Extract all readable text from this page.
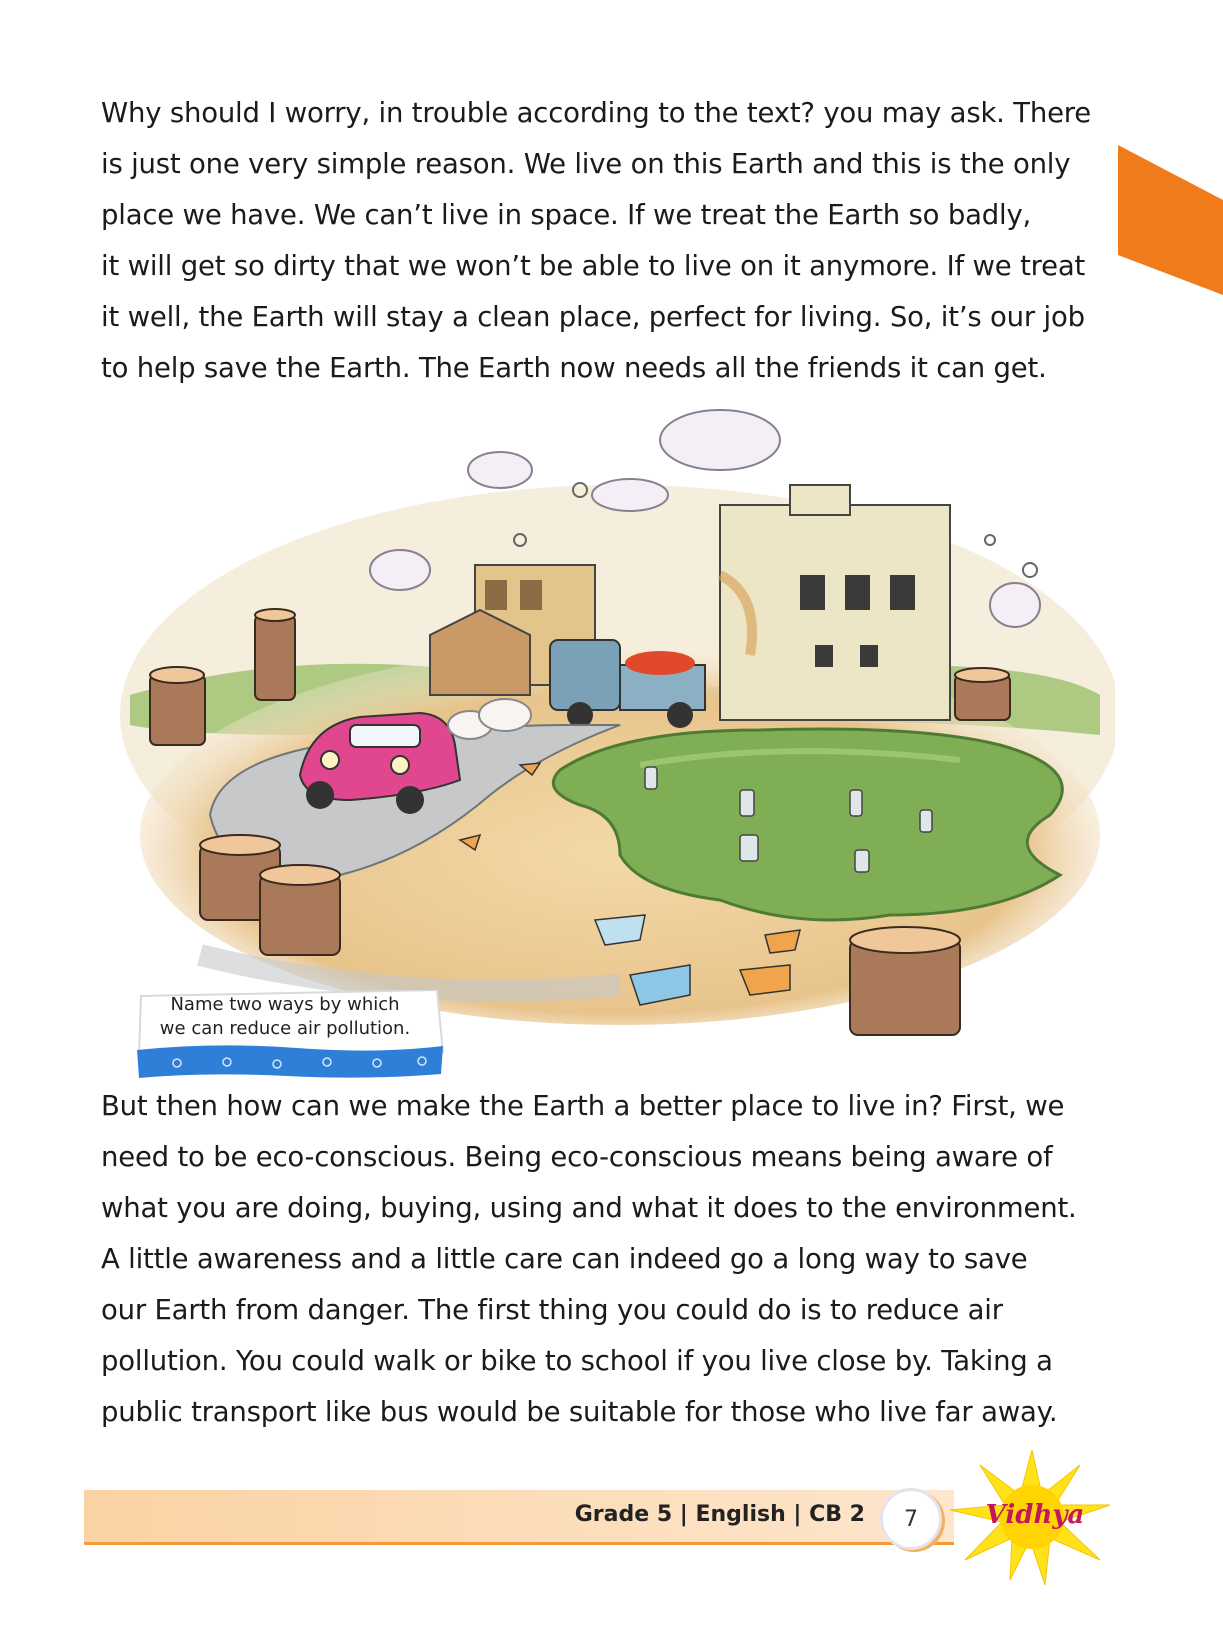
Why should I worry, in trouble according to the text? you may ask. There
is just one very simple reason. We live on this Earth and this is the only
place we have. We can’t live in space. If we treat the Earth so badly,
it will get so dirty that we won’t be able to live on it anymore. If we treat
it well, the Earth will stay a clean place, perfect for living. So, it’s our job
to help save the Earth. The Earth now needs all the friends it can get.
Name two ways by which
we can reduce air pollution.
But then how can we make the Earth a better place to live in? First, we
need to be eco-conscious. Being eco-conscious means being aware of
what you are doing, buying, using and what it does to the environment.
A little awareness and a little care can indeed go a long way to save
our Earth from danger. The first thing you could do is to reduce air
pollution. You could walk or bike to school if you live close by. Taking a
public transport like bus would be suitable for those who live far away.
Grade 5 | English | CB 2	7	Vidhya
